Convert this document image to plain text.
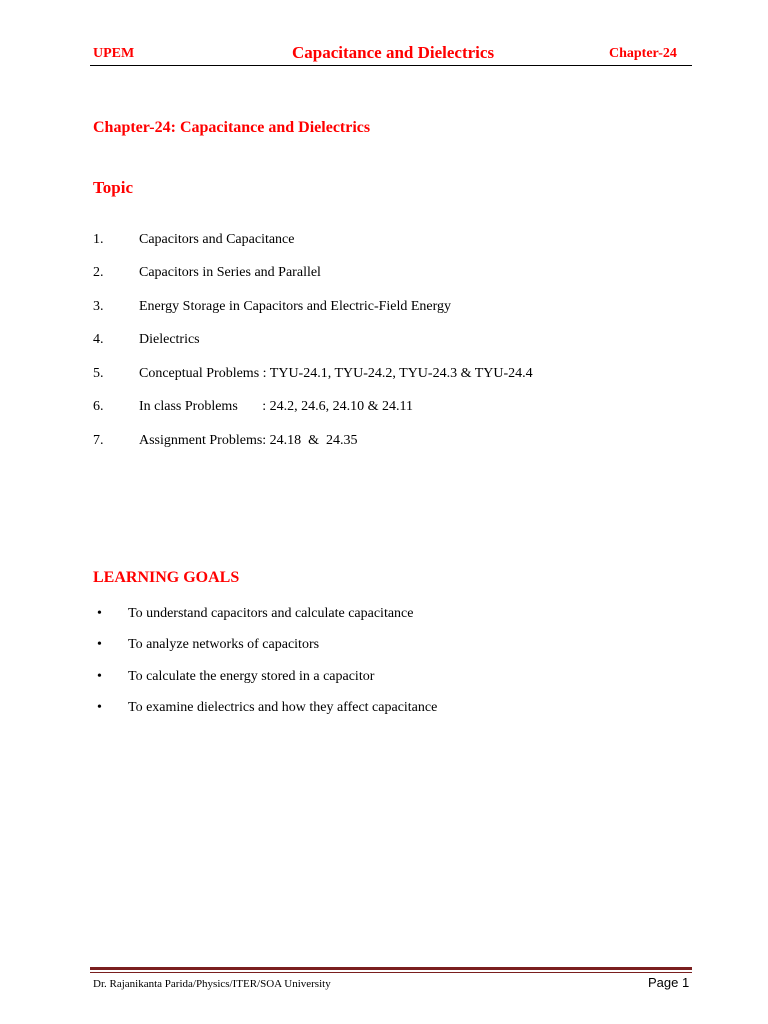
UPEM	Capacitance and Dielectrics	Chapter-24
Chapter-24: Capacitance and Dielectrics
Topic
1.	Capacitors and Capacitance
2.	Capacitors in Series and Parallel
3.	Energy Storage in Capacitors and Electric-Field Energy
4.	Dielectrics
5.	Conceptual Problems : TYU-24.1, TYU-24.2, TYU-24.3 & TYU-24.4
6.	In class Problems       : 24.2, 24.6, 24.10 & 24.11
7.	Assignment Problems: 24.18  &  24.35
LEARNING GOALS
• To understand capacitors and calculate capacitance
• To analyze networks of capacitors
• To calculate the energy stored in a capacitor
• To examine dielectrics and how they affect capacitance
Dr. Rajanikanta Parida/Physics/ITER/SOA University	Page 1
